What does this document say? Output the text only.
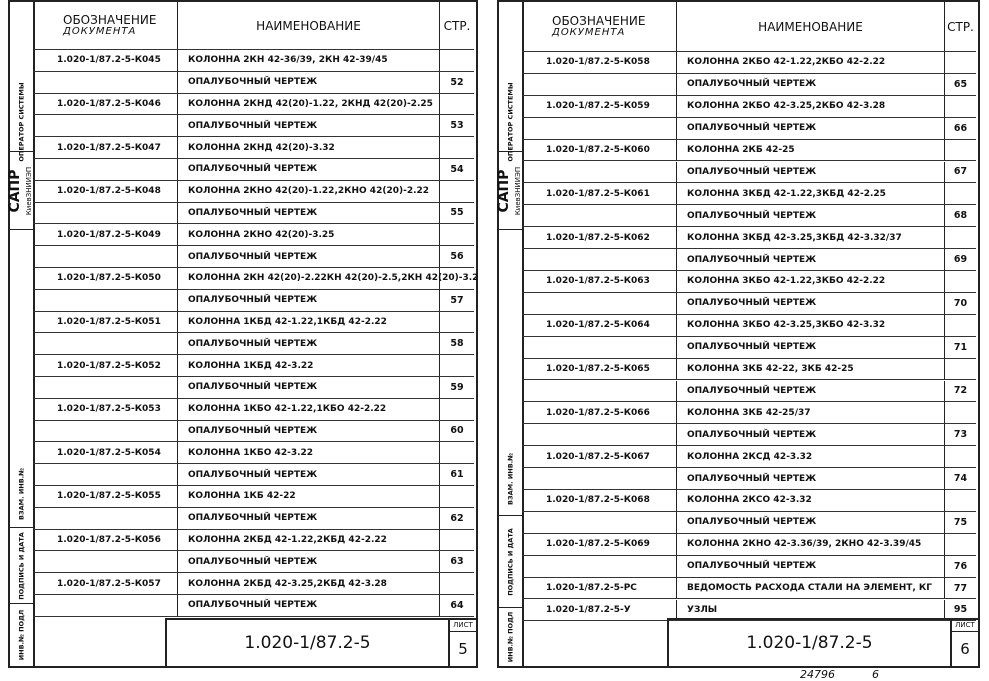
ОПЕРАТОР СИСТЕМЫ
САПР КиевЗНИИЭП
ВЗАМ. ИНВ.№
ПОДПИСЬ И ДАТА
ИНВ.№ ПОДЛ
ОБОЗНАЧЕНИЕ
ДОКУМЕНТА	НАИМЕНОВАНИЕ	СТР.
1.020-1/87.2-5-К045	КОЛОННА 2КН 42-36/39, 2КН 42-39/45
ОПАЛУБОЧНЫЙ ЧЕРТЕЖ	52
1.020-1/87.2-5-К046	КОЛОННА 2КНД 42(20)-1.22, 2КНД 42(20)-2.25
ОПАЛУБОЧНЫЙ ЧЕРТЕЖ	53
1.020-1/87.2-5-К047	КОЛОННА 2КНД 42(20)-3.32
ОПАЛУБОЧНЫЙ ЧЕРТЕЖ	54
1.020-1/87.2-5-К048	КОЛОННА 2КНО 42(20)-1.22,2КНО 42(20)-2.22
ОПАЛУБОЧНЫЙ ЧЕРТЕЖ	55
1.020-1/87.2-5-К049	КОЛОННА 2КНО 42(20)-3.25
ОПАЛУБОЧНЫЙ ЧЕРТЕЖ	56
1.020-1/87.2-5-К050	КОЛОННА 2КН 42(20)-2.22КН 42(20)-2.5,2КН 42(20)-3.2
ОПАЛУБОЧНЫЙ ЧЕРТЕЖ	57
1.020-1/87.2-5-К051	КОЛОННА 1КБД 42-1.22,1КБД 42-2.22
ОПАЛУБОЧНЫЙ ЧЕРТЕЖ	58
1.020-1/87.2-5-К052	КОЛОННА 1КБД 42-3.22
ОПАЛУБОЧНЫЙ ЧЕРТЕЖ	59
1.020-1/87.2-5-К053	КОЛОННА 1КБО 42-1.22,1КБО 42-2.22
ОПАЛУБОЧНЫЙ ЧЕРТЕЖ	60
1.020-1/87.2-5-К054	КОЛОННА 1КБО 42-3.22
ОПАЛУБОЧНЫЙ ЧЕРТЕЖ	61
1.020-1/87.2-5-К055	КОЛОННА 1КБ 42-22
ОПАЛУБОЧНЫЙ ЧЕРТЕЖ	62
1.020-1/87.2-5-К056	КОЛОННА 2КБД 42-1.22,2КБД 42-2.22
ОПАЛУБОЧНЫЙ ЧЕРТЕЖ	63
1.020-1/87.2-5-К057	КОЛОННА 2КБД 42-3.25,2КБД 42-3.28
ОПАЛУБОЧНЫЙ ЧЕРТЕЖ	64
1.020-1/87.2-5
ЛИСТ
5
ОПЕРАТОР СИСТЕМЫ
САПР КиевЗНИИЭП
ВЗАМ. ИНВ.№
ПОДПИСЬ И ДАТА
ИНВ.№ ПОДЛ
ОБОЗНАЧЕНИЕ
ДОКУМЕНТА	НАИМЕНОВАНИЕ	СТР.
1.020-1/87.2-5-К058	КОЛОННА 2КБО 42-1.22,2КБО 42-2.22
ОПАЛУБОЧНЫЙ ЧЕРТЕЖ	65
1.020-1/87.2-5-К059	КОЛОННА 2КБО 42-3.25,2КБО 42-3.28
ОПАЛУБОЧНЫЙ ЧЕРТЕЖ	66
1.020-1/87.2-5-К060	КОЛОННА 2КБ 42-25
ОПАЛУБОЧНЫЙ ЧЕРТЕЖ	67
1.020-1/87.2-5-К061	КОЛОННА 3КБД 42-1.22,3КБД 42-2.25
ОПАЛУБОЧНЫЙ ЧЕРТЕЖ	68
1.020-1/87.2-5-К062	КОЛОННА 3КБД 42-3.25,3КБД 42-3.32/37
ОПАЛУБОЧНЫЙ ЧЕРТЕЖ	69
1.020-1/87.2-5-К063	КОЛОННА 3КБО 42-1.22,3КБО 42-2.22
ОПАЛУБОЧНЫЙ ЧЕРТЕЖ	70
1.020-1/87.2-5-К064	КОЛОННА 3КБО 42-3.25,3КБО 42-3.32
ОПАЛУБОЧНЫЙ ЧЕРТЕЖ	71
1.020-1/87.2-5-К065	КОЛОННА 3КБ 42-22, 3КБ 42-25
ОПАЛУБОЧНЫЙ ЧЕРТЕЖ	72
1.020-1/87.2-5-К066	КОЛОННА 3КБ 42-25/37
ОПАЛУБОЧНЫЙ ЧЕРТЕЖ	73
1.020-1/87.2-5-К067	КОЛОННА 2КСД 42-3.32
ОПАЛУБОЧНЫЙ ЧЕРТЕЖ	74
1.020-1/87.2-5-К068	КОЛОННА 2КСО 42-3.32
ОПАЛУБОЧНЫЙ ЧЕРТЕЖ	75
1.020-1/87.2-5-К069	КОЛОННА 2КНО 42-3.36/39, 2КНО 42-3.39/45
ОПАЛУБОЧНЫЙ ЧЕРТЕЖ	76
1.020-1/87.2-5-РС	ВЕДОМОСТЬ РАСХОДА СТАЛИ НА ЭЛЕМЕНТ, КГ	77
1.020-1/87.2-5-У	УЗЛЫ	95
1.020-1/87.2-5
ЛИСТ
6
24796	6
